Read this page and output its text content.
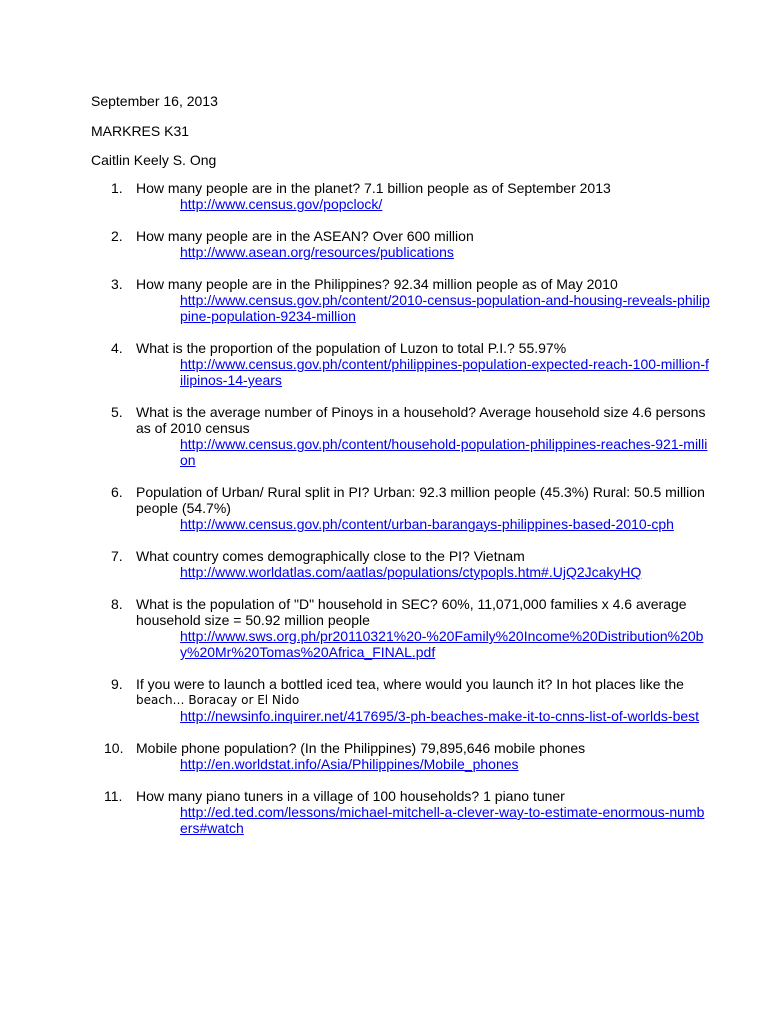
September 16, 2013
MARKRES K31
Caitlin Keely S. Ong
1. How many people are in the planet? 7.1 billion people as of September 2013
http://www.census.gov/popclock/
2. How many people are in the ASEAN? Over 600 million
http://www.asean.org/resources/publications
3. How many people are in the Philippines? 92.34 million people as of May 2010
http://www.census.gov.ph/content/2010-census-population-and-housing-reveals-philippine-population-9234-million
4. What is the proportion of the population of Luzon to total P.I.? 55.97%
http://www.census.gov.ph/content/philippines-population-expected-reach-100-million-filipinos-14-years
5. What is the average number of Pinoys in a household? Average household size 4.6 persons as of 2010 census
http://www.census.gov.ph/content/household-population-philippines-reaches-921-million
6. Population of Urban/ Rural split in PI? Urban: 92.3 million people (45.3%) Rural: 50.5 million people (54.7%)
http://www.census.gov.ph/content/urban-barangays-philippines-based-2010-cph
7. What country comes demographically close to the PI? Vietnam
http://www.worldatlas.com/aatlas/populations/ctypopls.htm#.UjQ2JcakyHQ
8. What is the population of "D" household in SEC? 60%, 11,071,000 families x 4.6 average household size = 50.92 million people
http://www.sws.org.ph/pr20110321%20-%20Family%20Income%20Distribution%20by%20Mr%20Tomas%20Africa_FINAL.pdf
9. If you were to launch a bottled iced tea, where would you launch it? In hot places like the
beach… Boracay or El Nido
http://newsinfo.inquirer.net/417695/3-ph-beaches-make-it-to-cnns-list-of-worlds-best
10. Mobile phone population? (In the Philippines) 79,895,646 mobile phones
http://en.worldstat.info/Asia/Philippines/Mobile_phones
11. How many piano tuners in a village of 100 households? 1 piano tuner
http://ed.ted.com/lessons/michael-mitchell-a-clever-way-to-estimate-enormous-numbers#watch
